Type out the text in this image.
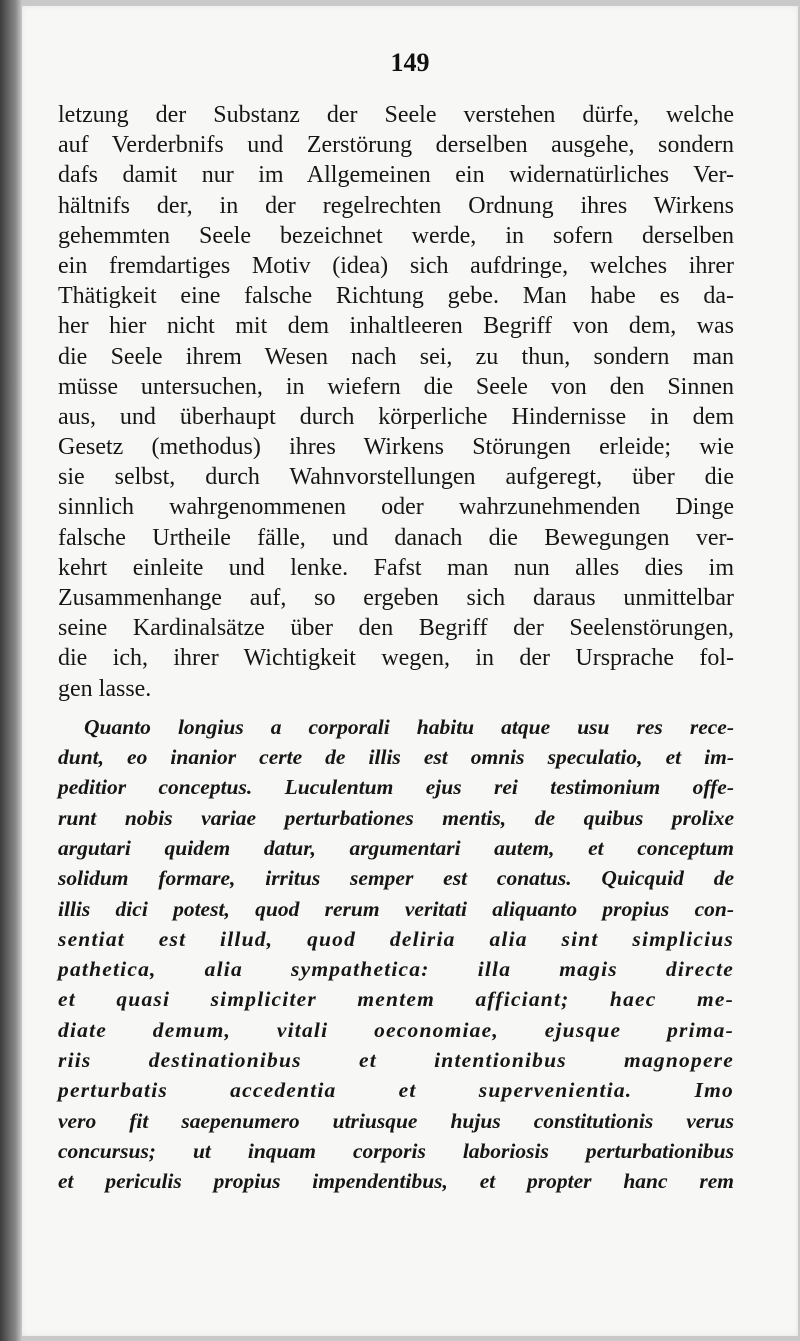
149
letzung der Substanz der Seele verstehen dürfe, welche
auf Verderbnifs und Zerstörung derselben ausgehe, sondern
dafs damit nur im Allgemeinen ein widernatürliches Ver-
hältnifs der, in der regelrechten Ordnung ihres Wirkens
gehemmten Seele bezeichnet werde, in sofern derselben
ein fremdartiges Motiv (idea) sich aufdringe, welches ihrer
Thätigkeit eine falsche Richtung gebe. Man habe es da-
her hier nicht mit dem inhaltleeren Begriff von dem, was
die Seele ihrem Wesen nach sei, zu thun, sondern man
müsse untersuchen, in wiefern die Seele von den Sinnen
aus, und überhaupt durch körperliche Hindernisse in dem
Gesetz (methodus) ihres Wirkens Störungen erleide; wie
sie selbst, durch Wahnvorstellungen aufgeregt, über die
sinnlich wahrgenommenen oder wahrzunehmenden Dinge
falsche Urtheile fälle, und danach die Bewegungen ver-
kehrt einleite und lenke. Fafst man nun alles dies im
Zusammenhange auf, so ergeben sich daraus unmittelbar
seine Kardinalsätze über den Begriff der Seelenstörungen,
die ich, ihrer Wichtigkeit wegen, in der Ursprache fol-
gen lasse.
Quanto longius a corporali habitu atque usu res rece-
dunt, eo inanior certe de illis est omnis speculatio, et im-
peditior conceptus. Luculentum ejus rei testimonium offe-
runt nobis variae perturbationes mentis, de quibus prolixe
argutari quidem datur, argumentari autem, et conceptum
solidum formare, irritus semper est conatus. Quicquid de
illis dici potest, quod rerum veritati aliquanto propius con-
sentiat est illud, quod deliria alia sint simplicius
pathetica, alia sympathetica: illa magis directe
et quasi simpliciter mentem afficiant; haec me-
diate demum, vitali oeconomiae, ejusque prima-
riis destinationibus et intentionibus magnopere
perturbatis accedentia et supervenientia. Imo
vero fit saepenumero utriusque hujus constitutionis verus
concursus; ut inquam corporis laboriosis perturbationibus
et periculis propius impendentibus, et propter hanc rem
